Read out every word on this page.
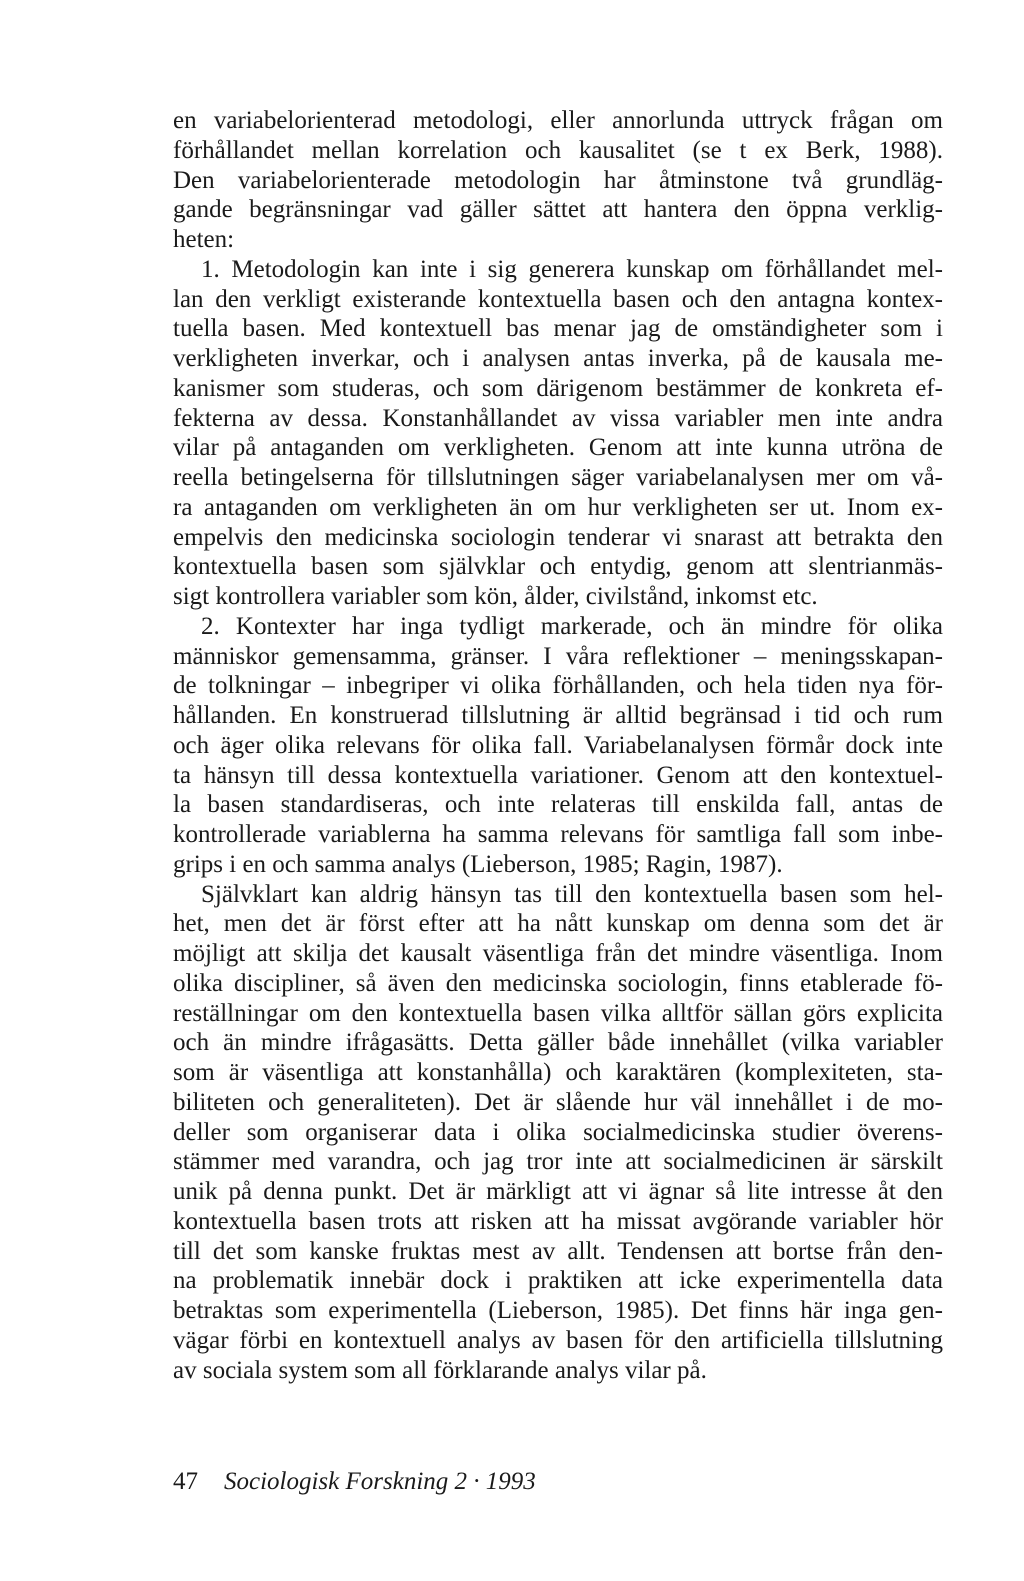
en variabelorienterad metodologi, eller annorlunda uttryck frågan om
förhållandet mellan korrelation och kausalitet (se t ex Berk, 1988).
Den variabelorienterade metodologin har åtminstone två grundläg-
gande begränsningar vad gäller sättet att hantera den öppna verklig-
heten:
1. Metodologin kan inte i sig generera kunskap om förhållandet mel-
lan den verkligt existerande kontextuella basen och den antagna kontex-
tuella basen. Med kontextuell bas menar jag de omständigheter som i
verkligheten inverkar, och i analysen antas inverka, på de kausala me-
kanismer som studeras, och som därigenom bestämmer de konkreta ef-
fekterna av dessa. Konstanhållandet av vissa variabler men inte andra
vilar på antaganden om verkligheten. Genom att inte kunna utröna de
reella betingelserna för tillslutningen säger variabelanalysen mer om vå-
ra antaganden om verkligheten än om hur verkligheten ser ut. Inom ex-
empelvis den medicinska sociologin tenderar vi snarast att betrakta den
kontextuella basen som självklar och entydig, genom att slentrianmäs-
sigt kontrollera variabler som kön, ålder, civilstånd, inkomst etc.
2. Kontexter har inga tydligt markerade, och än mindre för olika
människor gemensamma, gränser. I våra reflektioner – meningsskapan-
de tolkningar – inbegriper vi olika förhållanden, och hela tiden nya för-
hållanden. En konstruerad tillslutning är alltid begränsad i tid och rum
och äger olika relevans för olika fall. Variabelanalysen förmår dock inte
ta hänsyn till dessa kontextuella variationer. Genom att den kontextuel-
la basen standardiseras, och inte relateras till enskilda fall, antas de
kontrollerade variablerna ha samma relevans för samtliga fall som inbe-
grips i en och samma analys (Lieberson, 1985; Ragin, 1987).
Självklart kan aldrig hänsyn tas till den kontextuella basen som hel-
het, men det är först efter att ha nått kunskap om denna som det är
möjligt att skilja det kausalt väsentliga från det mindre väsentliga. Inom
olika discipliner, så även den medicinska sociologin, finns etablerade fö-
reställningar om den kontextuella basen vilka alltför sällan görs explicita
och än mindre ifrågasätts. Detta gäller både innehållet (vilka variabler
som är väsentliga att konstanhålla) och karaktären (komplexiteten, sta-
biliteten och generaliteten). Det är slående hur väl innehållet i de mo-
deller som organiserar data i olika socialmedicinska studier överens-
stämmer med varandra, och jag tror inte att socialmedicinen är särskilt
unik på denna punkt. Det är märkligt att vi ägnar så lite intresse åt den
kontextuella basen trots att risken att ha missat avgörande variabler hör
till det som kanske fruktas mest av allt. Tendensen att bortse från den-
na problematik innebär dock i praktiken att icke experimentella data
betraktas som experimentella (Lieberson, 1985). Det finns här inga gen-
vägar förbi en kontextuell analys av basen för den artificiella tillslutning
av sociala system som all förklarande analys vilar på.
47 Sociologisk Forskning 2 · 1993
